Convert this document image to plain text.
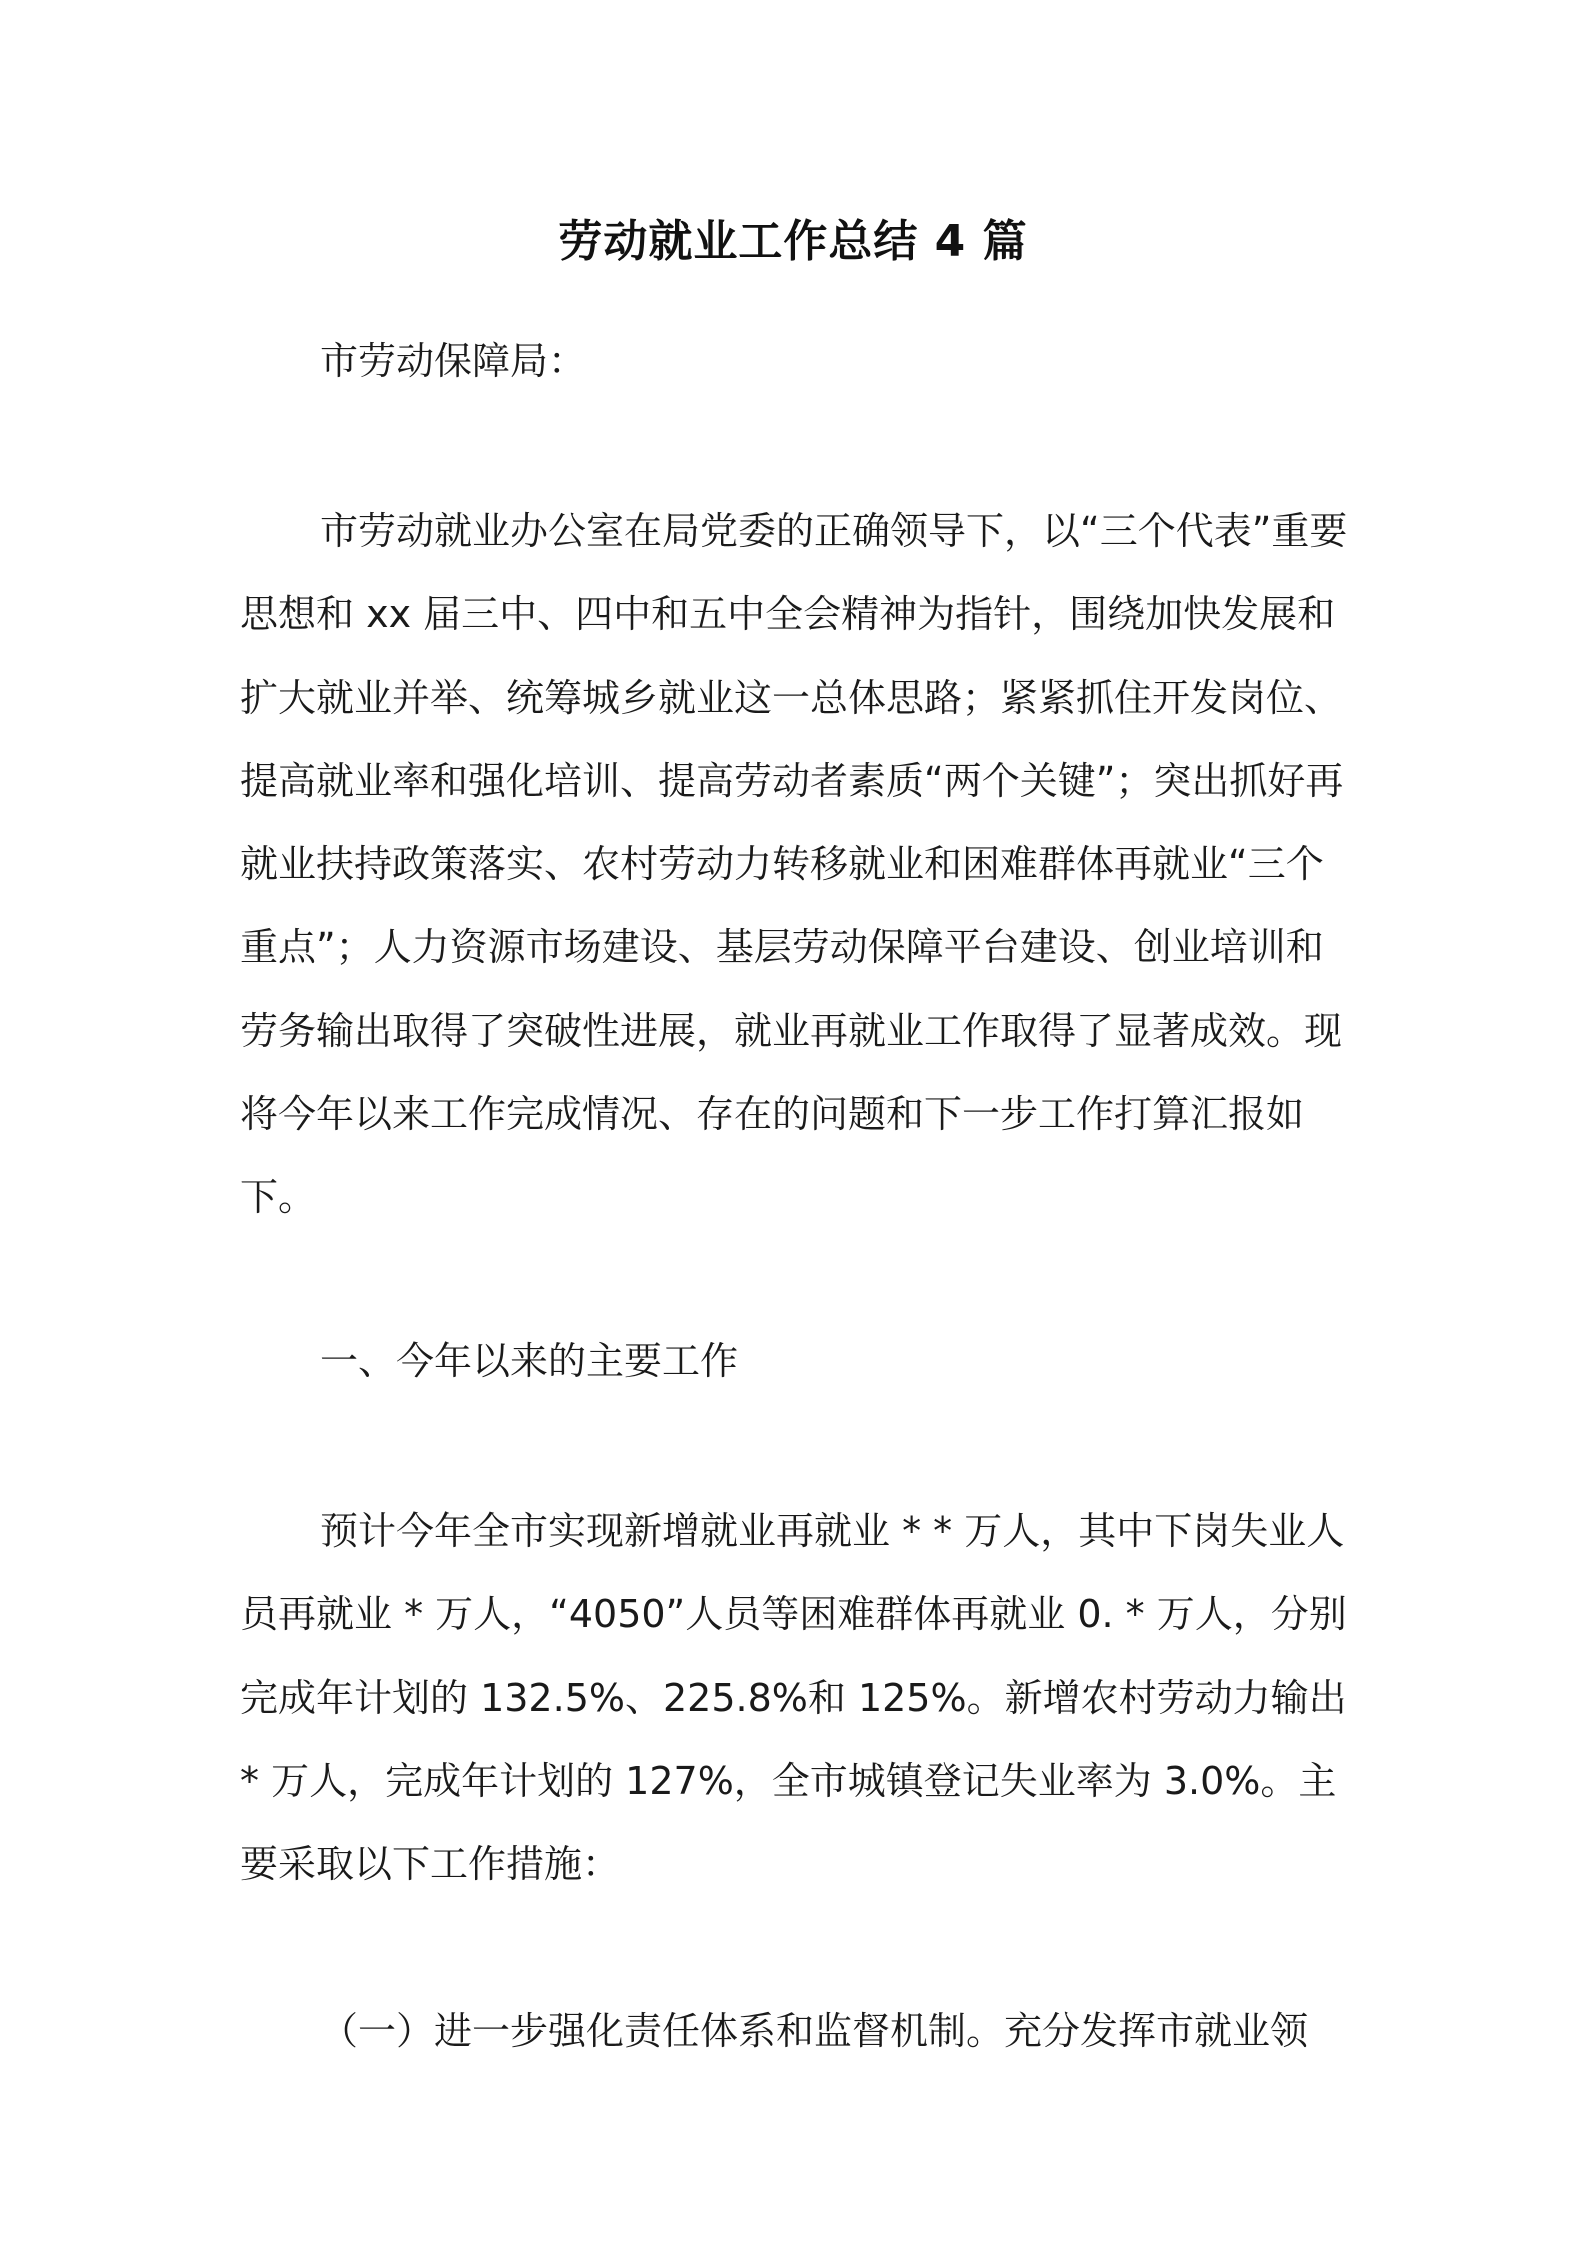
劳动就业工作总结 4 篇
市劳动保障局：
市劳动就业办公室在局党委的正确领导下，以“三个代表”重要思想和 xx 届三中、四中和五中全会精神为指针，围绕加快发展和扩大就业并举、统筹城乡就业这一总体思路；紧紧抓住开发岗位、提高就业率和强化培训、提高劳动者素质“两个关键”；突出抓好再就业扶持政策落实、农村劳动力转移就业和困难群体再就业“三个重点”；人力资源市场建设、基层劳动保障平台建设、创业培训和劳务输出取得了突破性进展，就业再就业工作取得了显著成效。现将今年以来工作完成情况、存在的问题和下一步工作打算汇报如下。
一、今年以来的主要工作
预计今年全市实现新增就业再就业 * * 万人，其中下岗失业人员再就业 * 万人，“4050”人员等困难群体再就业 0. * 万人，分别完成年计划的 132.5%、225.8%和 125%。新增农村劳动力输出 * 万人，完成年计划的 127%，全市城镇登记失业率为 3.0%。主要采取以下工作措施：
（一）进一步强化责任体系和监督机制。充分发挥市就业领
